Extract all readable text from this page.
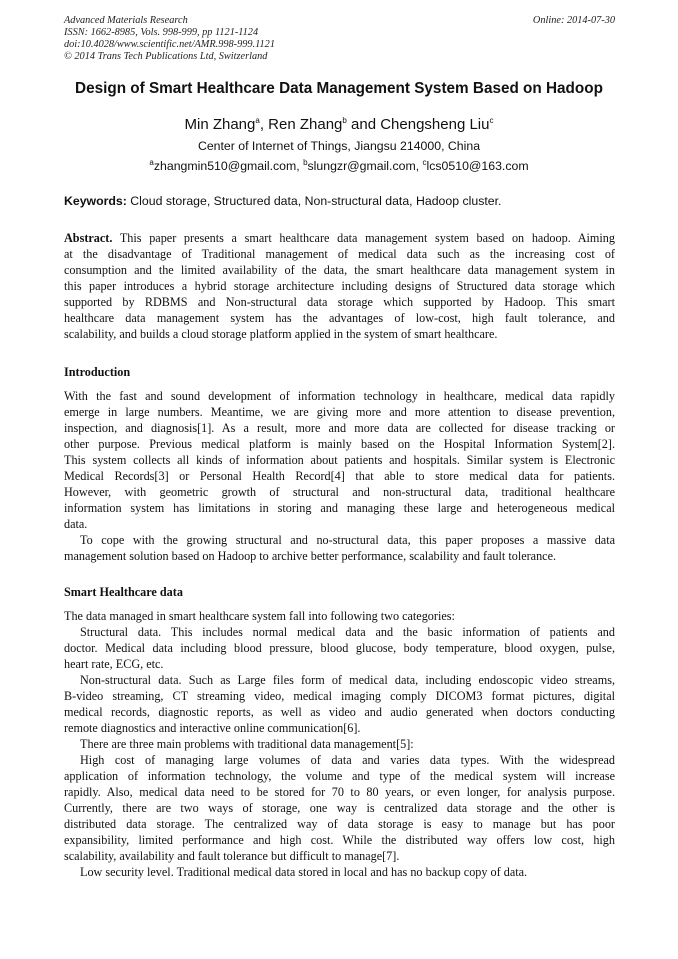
Advanced Materials Research
ISSN: 1662-8985, Vols. 998-999, pp 1121-1124
doi:10.4028/www.scientific.net/AMR.998-999.1121
© 2014 Trans Tech Publications Ltd, Switzerland
Online: 2014-07-30
Design of Smart Healthcare Data Management System Based on Hadoop
Min Zhang$^a$, Ren Zhang$^b$ and Chengsheng Liu$^c$
Center of Internet of Things, Jiangsu 214000, China
$^a$zhangmin510@gmail.com, $^b$slungzr@gmail.com, $^c$lcs0510@163.com
Keywords: Cloud storage, Structured data, Non-structural data, Hadoop cluster.
Abstract. This paper presents a smart healthcare data management system based on hadoop. Aiming
at the disadvantage of Traditional management of medical data such as the increasing cost of
consumption and the limited availability of the data, the smart healthcare data management system in
this paper introduces a hybrid storage architecture including designs of Structured data storage which
supported by RDBMS and Non-structural data storage which supported by Hadoop. This smart
healthcare data management system has the advantages of low-cost, high fault tolerance, and
scalability, and builds a cloud storage platform applied in the system of smart healthcare.
Introduction
With the fast and sound development of information technology in healthcare, medical data rapidly
emerge in large numbers. Meantime, we are giving more and more attention to disease prevention,
inspection, and diagnosis[1]. As a result, more and more data are collected for disease tracking or
other purpose. Previous medical platform is mainly based on the Hospital Information System[2].
This system collects all kinds of information about patients and hospitals. Similar system is Electronic
Medical Records[3] or Personal Health Record[4] that able to store medical data for patients.
However, with geometric growth of structural and non-structural data, traditional healthcare
information system has limitations in storing and managing these large and heterogeneous medical
data.
To cope with the growing structural and no-structural data, this paper proposes a massive data
management solution based on Hadoop to archive better performance, scalability and fault tolerance.
Smart Healthcare data
The data managed in smart healthcare system fall into following two categories:
Structural data. This includes normal medical data and the basic information of patients and
doctor. Medical data including blood pressure, blood glucose, body temperature, blood oxygen, pulse,
heart rate, ECG, etc.
Non-structural data. Such as Large files form of medical data, including endoscopic video streams,
B-video streaming, CT streaming video, medical imaging comply DICOM3 format pictures, digital
medical records, diagnostic reports, as well as video and audio generated when doctors conducting
remote diagnostics and interactive online communication[6].
There are three main problems with traditional data management[5]:
High cost of managing large volumes of data and varies data types. With the widespread
application of information technology, the volume and type of the medical system will increase
rapidly. Also, medical data need to be stored for 70 to 80 years, or even longer, for analysis purpose.
Currently, there are two ways of storage, one way is centralized data storage and the other is
distributed data storage. The centralized way of data storage is easy to manage but has poor
expansibility, limited performance and high cost. While the distributed way offers low cost, high
scalability, availability and fault tolerance but difficult to manage[7].
Low security level. Traditional medical data stored in local and has no backup copy of data.
